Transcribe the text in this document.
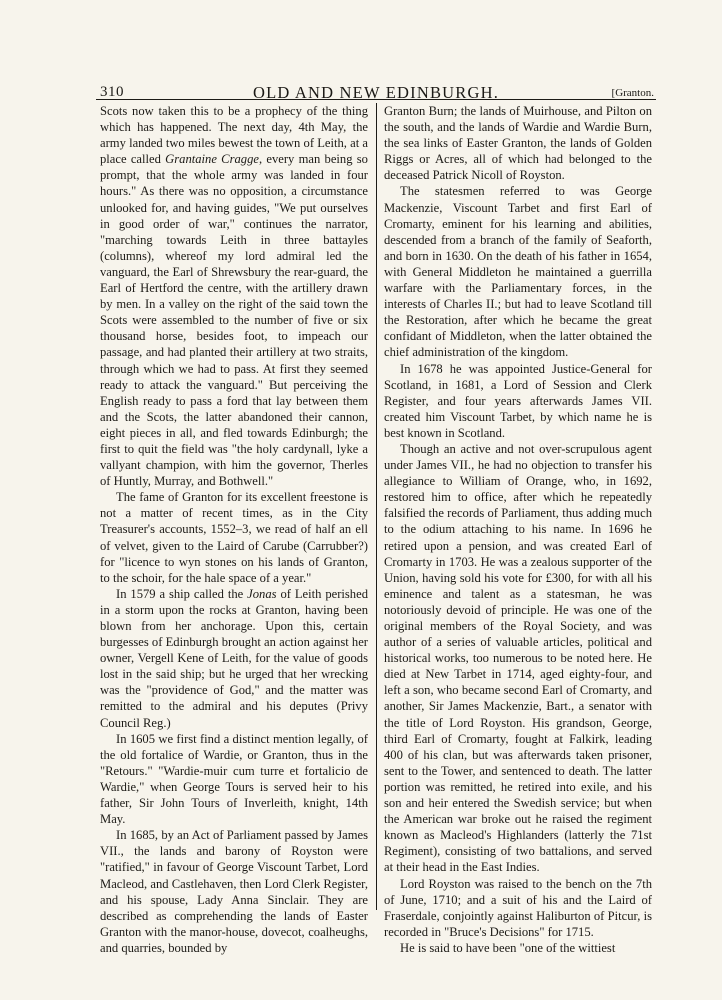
310	OLD AND NEW EDINBURGH.	[Granton.

Scots now taken this to be a prophecy of the thing which has happened. The next day, 4th May, the army landed two miles bewest the town of Leith, at a place called Grantaine Cragge, every man being so prompt, that the whole army was landed in four hours." As there was no opposition, a circumstance unlooked for, and having guides, "We put ourselves in good order of war," continues the narrator, "marching towards Leith in three battayles (columns), whereof my lord admiral led the vanguard, the Earl of Shrewsbury the rear-guard, the Earl of Hertford the centre, with the artillery drawn by men. In a valley on the right of the said town the Scots were assembled to the number of five or six thousand horse, besides foot, to impeach our passage, and had planted their artillery at two straits, through which we had to pass. At first they seemed ready to attack the vanguard." But perceiving the English ready to pass a ford that lay between them and the Scots, the latter abandoned their cannon, eight pieces in all, and fled towards Edinburgh; the first to quit the field was "the holy cardynall, lyke a vallyant champion, with him the governor, Therles of Huntly, Murray, and Bothwell."

The fame of Granton for its excellent freestone is not a matter of recent times, as in the City Treasurer's accounts, 1552–3, we read of half an ell of velvet, given to the Laird of Carube (Carrubber?) for "licence to wyn stones on his lands of Granton, to the schoir, for the hale space of a year."

In 1579 a ship called the Jonas of Leith perished in a storm upon the rocks at Granton, having been blown from her anchorage. Upon this, certain burgesses of Edinburgh brought an action against her owner, Vergell Kene of Leith, for the value of goods lost in the said ship; but he urged that her wrecking was the "providence of God," and the matter was remitted to the admiral and his deputes (Privy Council Reg.)

In 1605 we first find a distinct mention legally, of the old fortalice of Wardie, or Granton, thus in the "Retours." "Wardie-muir cum turre et fortalicio de Wardie," when George Tours is served heir to his father, Sir John Tours of Inverleith, knight, 14th May.

In 1685, by an Act of Parliament passed by James VII., the lands and barony of Royston were "ratified," in favour of George Viscount Tarbet, Lord Macleod, and Castlehaven, then Lord Clerk Register, and his spouse, Lady Anna Sinclair. They are described as comprehending the lands of Easter Granton with the manor-house, dovecot, coalheughs, and quarries, bounded by

Granton Burn; the lands of Muirhouse, and Pilton on the south, and the lands of Wardie and Wardie Burn, the sea links of Easter Granton, the lands of Golden Riggs or Acres, all of which had belonged to the deceased Patrick Nicoll of Royston.

The statesmen referred to was George Mackenzie, Viscount Tarbet and first Earl of Cromarty, eminent for his learning and abilities, descended from a branch of the family of Seaforth, and born in 1630. On the death of his father in 1654, with General Middleton he maintained a guerrilla warfare with the Parliamentary forces, in the interests of Charles II.; but had to leave Scotland till the Restoration, after which he became the great confidant of Middleton, when the latter obtained the chief administration of the kingdom.

In 1678 he was appointed Justice-General for Scotland, in 1681, a Lord of Session and Clerk Register, and four years afterwards James VII. created him Viscount Tarbet, by which name he is best known in Scotland.

Though an active and not over-scrupulous agent under James VII., he had no objection to transfer his allegiance to William of Orange, who, in 1692, restored him to office, after which he repeatedly falsified the records of Parliament, thus adding much to the odium attaching to his name. In 1696 he retired upon a pension, and was created Earl of Cromarty in 1703. He was a zealous supporter of the Union, having sold his vote for £300, for with all his eminence and talent as a statesman, he was notoriously devoid of principle. He was one of the original members of the Royal Society, and was author of a series of valuable articles, political and historical works, too numerous to be noted here. He died at New Tarbet in 1714, aged eighty-four, and left a son, who became second Earl of Cromarty, and another, Sir James Mackenzie, Bart., a senator with the title of Lord Royston. His grandson, George, third Earl of Cromarty, fought at Falkirk, leading 400 of his clan, but was afterwards taken prisoner, sent to the Tower, and sentenced to death. The latter portion was remitted, he retired into exile, and his son and heir entered the Swedish service; but when the American war broke out he raised the regiment known as Macleod's Highlanders (latterly the 71st Regiment), consisting of two battalions, and served at their head in the East Indies.

Lord Royston was raised to the bench on the 7th of June, 1710; and a suit of his and the Laird of Fraserdale, conjointly against Haliburton of Pitcur, is recorded in "Bruce's Decisions" for 1715.

He is said to have been "one of the wittiest
